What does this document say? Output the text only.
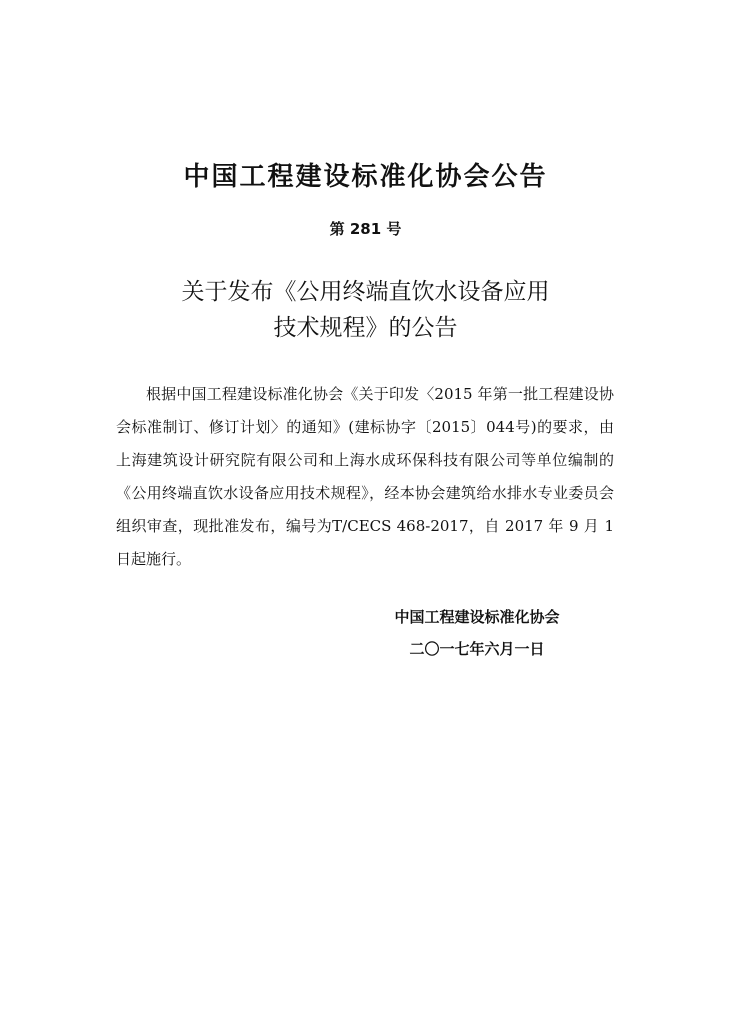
中国工程建设标准化协会公告
第 281 号
关于发布《公用终端直饮水设备应用
技术规程》的公告

根据中国工程建设标准化协会《关于印发〈2015 年第一批工程建设协会标准制订、修订计划〉的通知》(建标协字〔2015〕044号)的要求，由上海建筑设计研究院有限公司和上海水成环保科技有限公司等单位编制的《公用终端直饮水设备应用技术规程》，经本协会建筑给水排水专业委员会组织审查，现批准发布，编号为T/CECS 468-2017，自 2017 年 9 月 1 日起施行。

中国工程建设标准化协会
二〇一七年六月一日
